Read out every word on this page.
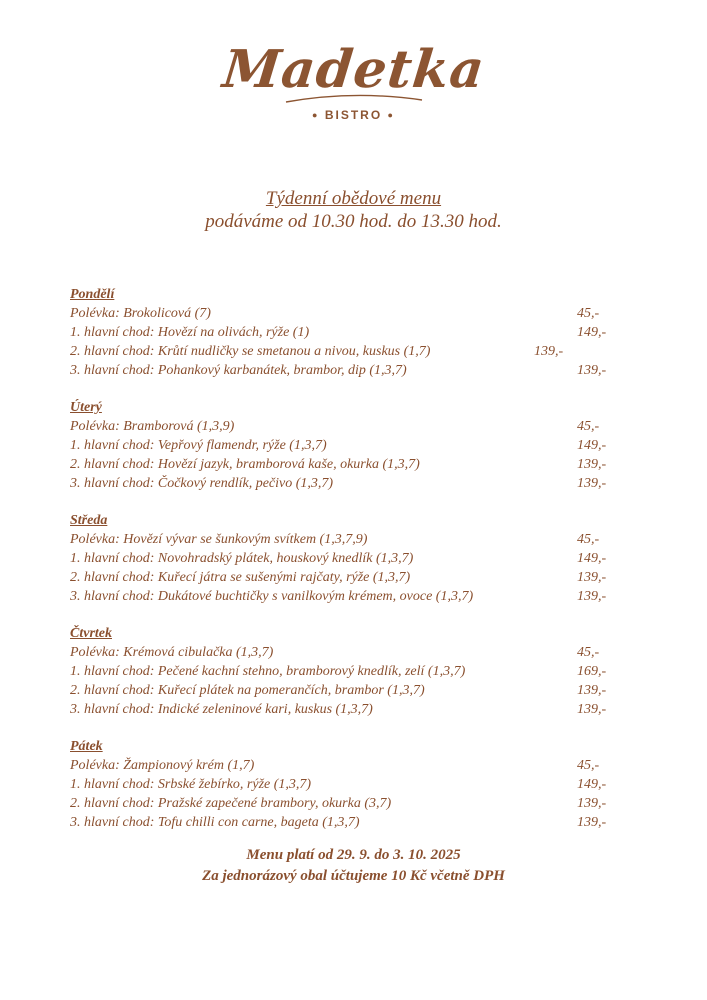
Madetka
● BISTRO ●
Týdenní obědové menu
podáváme od 10.30 hod. do 13.30 hod.
Pondělí
Polévka: Brokolicová (7)	45,-
1. hlavní chod: Hovězí na olivách, rýže (1)	149,-
2. hlavní chod: Krůtí nudličky se smetanou a nivou, kuskus (1,7)	139,-
3. hlavní chod: Pohankový karbanátek, brambor, dip (1,3,7)	139,-
Úterý
Polévka: Bramborová (1,3,9)	45,-
1. hlavní chod: Vepřový flamendr, rýže (1,3,7)	149,-
2. hlavní chod: Hovězí jazyk, bramborová kaše, okurka (1,3,7)	139,-
3. hlavní chod: Čočkový rendlík, pečivo (1,3,7)	139,-
Středa
Polévka: Hovězí vývar se šunkovým svítkem (1,3,7,9)	45,-
1. hlavní chod: Novohradský plátek, houskový knedlík (1,3,7)	149,-
2. hlavní chod: Kuřecí játra se sušenými rajčaty, rýže (1,3,7)	139,-
3. hlavní chod: Dukátové buchtičky s vanilkovým krémem, ovoce (1,3,7)	139,-
Čtvrtek
Polévka: Krémová cibulačka (1,3,7)	45,-
1. hlavní chod: Pečené kachní stehno, bramborový knedlík, zelí (1,3,7)	169,-
2. hlavní chod: Kuřecí plátek na pomerančích, brambor (1,3,7)	139,-
3. hlavní chod: Indické zeleninové kari, kuskus (1,3,7)	139,-
Pátek
Polévka: Žampionový krém (1,7)	45,-
1. hlavní chod: Srbské žebírko, rýže (1,3,7)	149,-
2. hlavní chod: Pražské zapečené brambory, okurka (3,7)	139,-
3. hlavní chod: Tofu chilli con carne, bageta (1,3,7)	139,-
Menu platí od 29. 9. do 3. 10. 2025
Za jednorázový obal účtujeme 10 Kč včetně DPH
